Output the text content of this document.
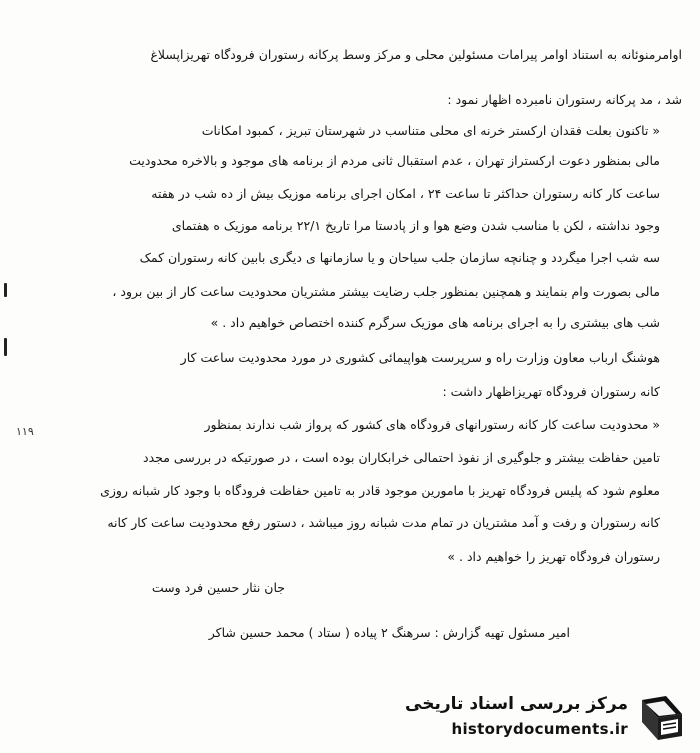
اوامرمنوئانه به استناد اوامر پیرامات مسئولین محلی و مرکز وسط پرکانه رستوران فرودگاه تهریزاپسلاغ
شد ، مد پرکانه رستوران نامبرده اظهار نمود :
« تاکنون بعلت فقدان ارکستر خرنه ای محلی متناسب در شهرستان تبریز ، کمبود امکانات
مالی بمنظور دعوت ارکستراز تهران ، عدم استقبال ثانی مردم از برنامه های موجود و بالاخره محدودیت
ساعت کار کانه رستوران حداکثر تا ساعت ۲۴ ، امکان اجرای برنامه موزیک بیش از ده شب در هفته
وجود نداشته ، لکن با مناسب شدن وضع هوا و از پادستا مرا تاریخ ۲۲/۱ برنامه موزیک ه هفتمای
سه شب اجرا میگردد و چنانچه سازمان جلب سیاحان و یا سازمانها ی دیگری بابین کانه رستوران کمک
مالی بصورت وام بنمایند و همچنین بمنظور جلب رضایت بیشتر مشتریان محدودیت ساعت کار از بین برود ،
شب های بیشتری را به اجرای برنامه های موزیک سرگرم کننده اختصاص خواهیم داد . »
هوشنگ ارباب معاون وزارت راه و سرپرست هواپیمائی کشوری در مورد محدودیت ساعت کار
کانه رستوران فرودگاه تهریزاظهار داشت :
« محدودیت ساعت کار کانه رستورانهای فرودگاه های کشور که پرواز شب ندارند بمنظور
تامین حفاظت بیشتر و جلوگیری از نفوذ احتمالی خرابکاران بوده است ، در صورتیکه در بررسی مجدد
معلوم شود که پلیس فرودگاه تهریز با مامورین موجود قادر به تامین حفاظت فرودگاه با وجود کار شبانه روزی
کانه رستوران و رفت و آمد مشتریان در تمام مدت شبانه روز میباشد ، دستور رفع محدودیت ساعت کار کانه
رستوران فرودگاه تهریز را خواهیم داد . »
جان نثار حسین فرد وست
امیر مسئول تهیه گزارش : سرهنگ ۲ پیاده ( ستاد ) محمد حسین شاکر
۱۱۹
مرکز بررسی اسناد تاریخی
historydocuments.ir
